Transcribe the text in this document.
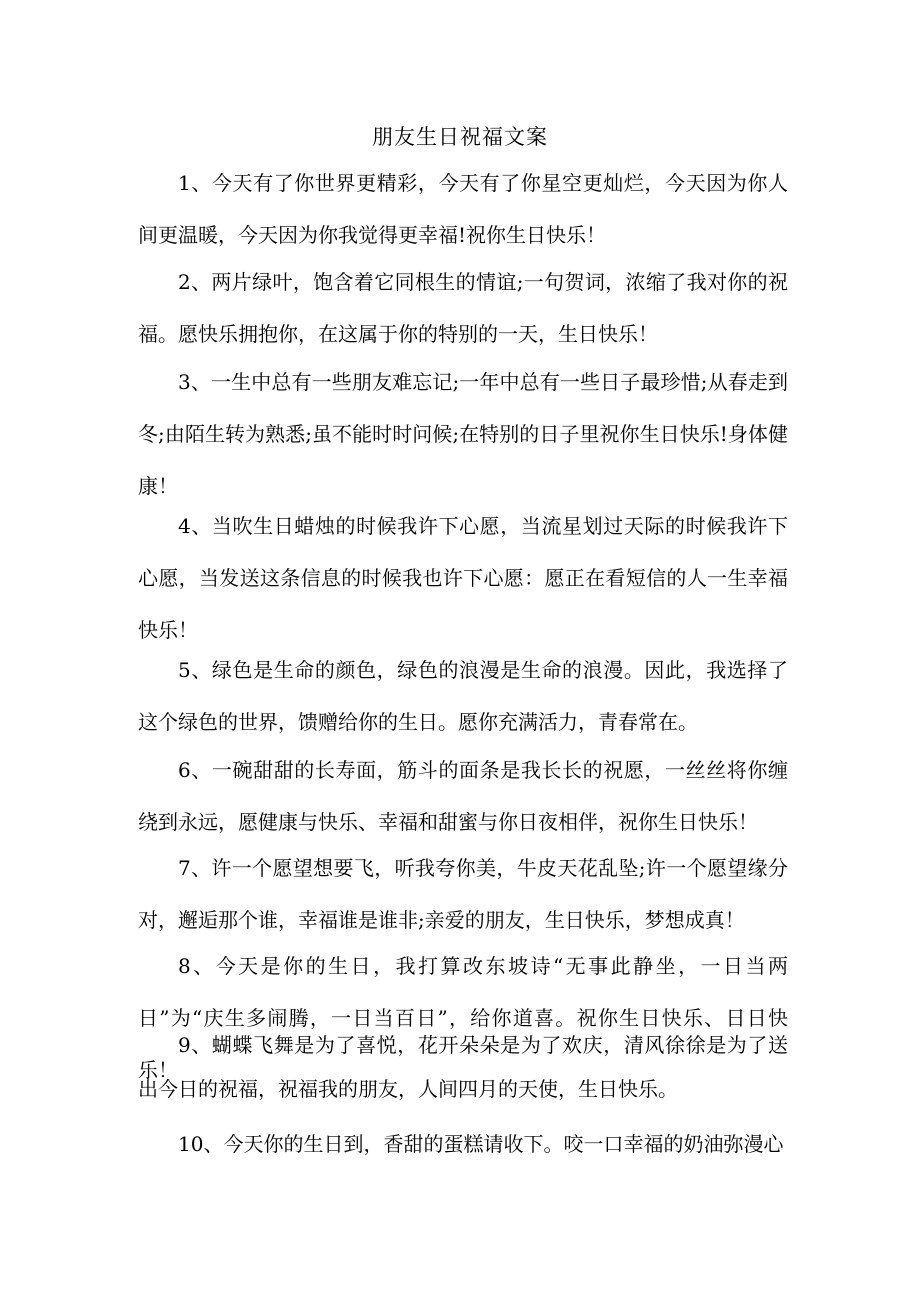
朋友生日祝福文案

1、今天有了你世界更精彩，今天有了你星空更灿烂，今天因为你人间更温暖，今天因为你我觉得更幸福!祝你生日快乐！

2、两片绿叶，饱含着它同根生的情谊;一句贺词，浓缩了我对你的祝福。愿快乐拥抱你，在这属于你的特别的一天，生日快乐！

3、一生中总有一些朋友难忘记;一年中总有一些日子最珍惜;从春走到冬;由陌生转为熟悉;虽不能时时问候;在特别的日子里祝你生日快乐!身体健康！

4、当吹生日蜡烛的时候我许下心愿，当流星划过天际的时候我许下心愿，当发送这条信息的时候我也许下心愿：愿正在看短信的人一生幸福快乐！

5、绿色是生命的颜色，绿色的浪漫是生命的浪漫。因此，我选择了这个绿色的世界，馈赠给你的生日。愿你充满活力，青春常在。

6、一碗甜甜的长寿面，筋斗的面条是我长长的祝愿，一丝丝将你缠绕到永远，愿健康与快乐、幸福和甜蜜与你日夜相伴，祝你生日快乐！

7、许一个愿望想要飞，听我夸你美，牛皮天花乱坠;许一个愿望缘分对，邂逅那个谁，幸福谁是谁非;亲爱的朋友，生日快乐，梦想成真！

8、今天是你的生日，我打算改东坡诗“无事此静坐，一日当两日”为“庆生多闹腾，一日当百日”，给你道喜。祝你生日快乐、日日快乐！

9、蝴蝶飞舞是为了喜悦，花开朵朵是为了欢庆，清风徐徐是为了送出今日的祝福，祝福我的朋友，人间四月的天使，生日快乐。

10、今天你的生日到，香甜的蛋糕请收下。咬一口幸福的奶油弥漫心
